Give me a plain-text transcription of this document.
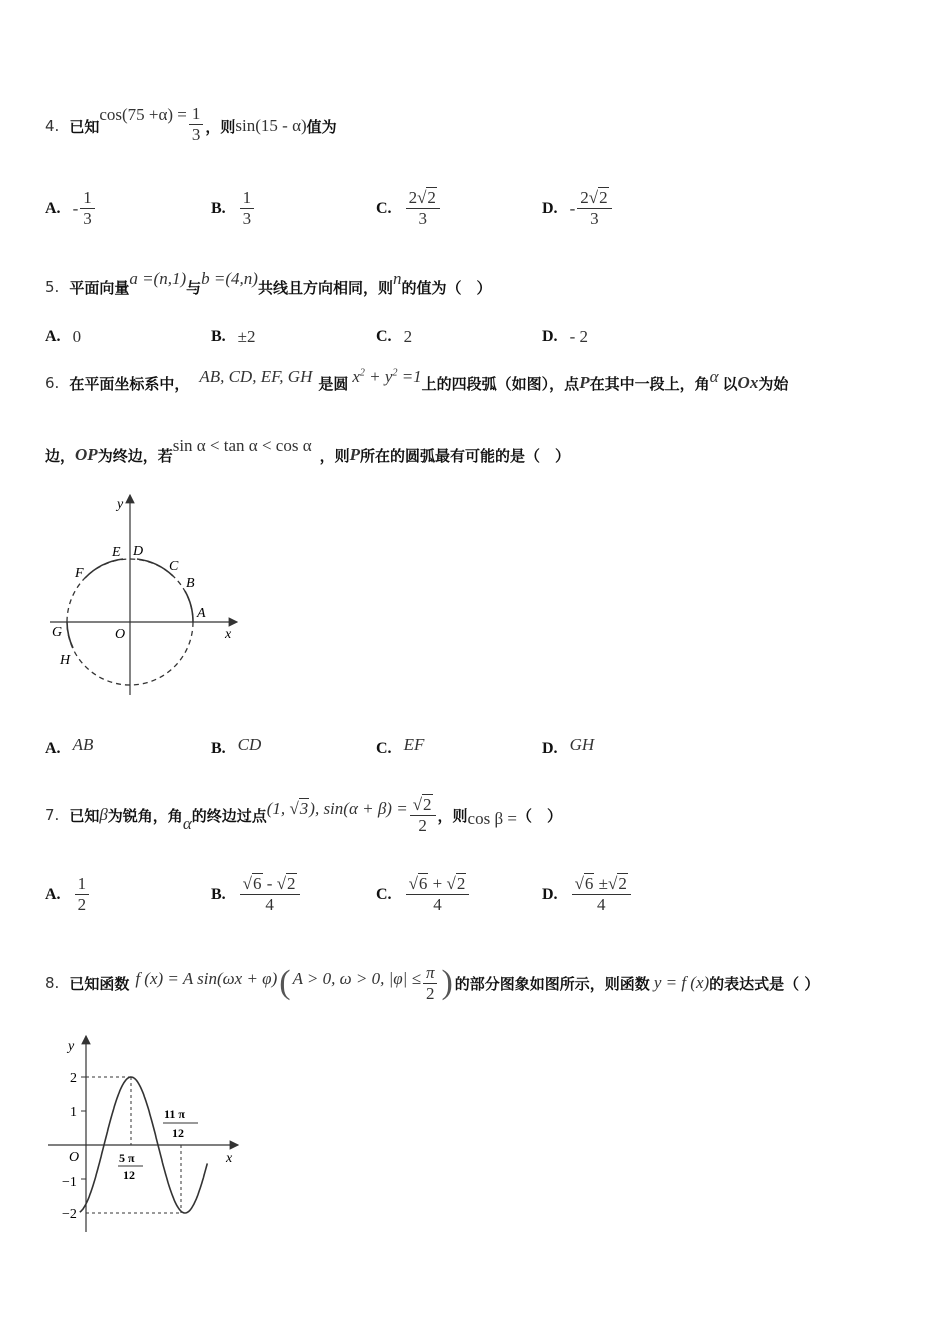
4. 已知
$\cos(75 +\alpha) = \frac{1}{3}$ ，则 sin(15 - α) 值为
A. - $\frac{1}{3}$	B. $\frac{1}{3}$	C. $\frac{2√2}{3}$	D. - $\frac{2√2}{3}$
5. 平面向量 a =(n,1) 与 b =(4,n) 共线且方向相同，则 n 的值为（　）
A. 0	B. ±2	C. 2	D. - 2
6. 在平面坐标系中， AB, CD, EF, GH 是圆 $x^2 + y^2 =1$ 上的四段弧（如图），点 P 在其中一段上，角 α 以 Ox 为始
边， OP 为终边，若
sin α < tan α < cos α
，则 P 所在的圆弧最有可能的是（　）
y
x
O
A
B
C
D
E
F
G
H
A. AB	B. CD	C. EF	D. GH
7. 已知 β 为锐角，角 α 的终边过点 (1, √3), $\sin(\alpha + \beta) = \frac{√2}{2}$ ，则 cos β = （　）
A. $\frac{1}{2}$	B. $\frac{√6 - √2}{4}$	C. $\frac{√6 + √2}{4}$	D. $\frac{√6 \pm√2}{4}$
8. 已知函数 f (x) = A sin(ωx + φ) ( A > 0, ω > 0, $|\varphi| \le \frac{\pi}{2}$ ) 的部分图象如图所示，则函数 y = f (x) 的表达式是（ ）
y
x
O
2
1
−1
−2
5 π
12
11 π
12
